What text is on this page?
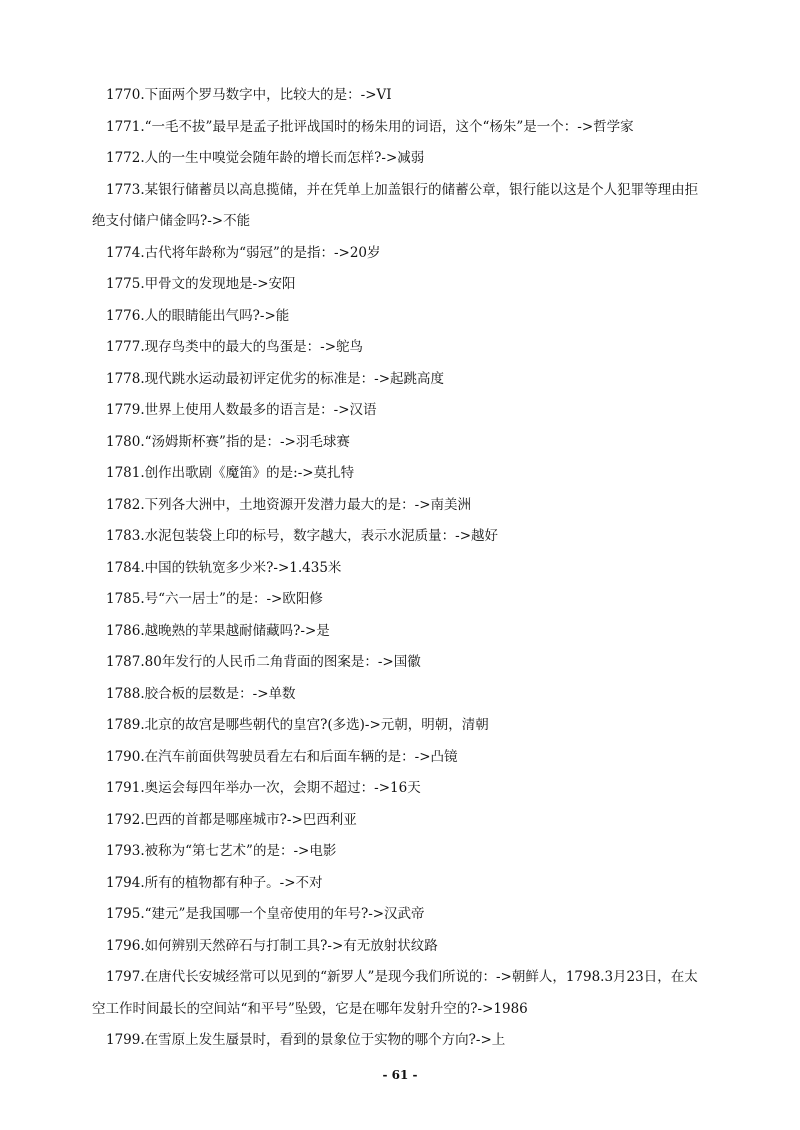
1770.下面两个罗马数字中，比较大的是：->VI

1771.“一毛不拔”最早是孟子批评战国时的杨朱用的词语，这个“杨朱”是一个：->哲学家

1772.人的一生中嗅觉会随年龄的增长而怎样?->减弱

1773.某银行储蓄员以高息揽储，并在凭单上加盖银行的储蓄公章，银行能以这是个人犯罪等理由拒绝支付储户储金吗?->不能

1774.古代将年龄称为“弱冠”的是指：->20岁

1775.甲骨文的发现地是->安阳

1776.人的眼睛能出气吗?->能

1777.现存鸟类中的最大的鸟蛋是：->鸵鸟

1778.现代跳水运动最初评定优劣的标准是：->起跳高度

1779.世界上使用人数最多的语言是：->汉语

1780.“汤姆斯杯赛”指的是：->羽毛球赛

1781.创作出歌剧《魔笛》的是:->莫扎特

1782.下列各大洲中，土地资源开发潜力最大的是：->南美洲

1783.水泥包装袋上印的标号，数字越大，表示水泥质量：->越好

1784.中国的铁轨宽多少米?->1.435米

1785.号“六一居士”的是：->欧阳修

1786.越晚熟的苹果越耐储藏吗?->是

1787.80年发行的人民币二角背面的图案是：->国徽

1788.胶合板的层数是：->单数

1789.北京的故宫是哪些朝代的皇宫?(多选)->元朝，明朝，清朝

1790.在汽车前面供驾驶员看左右和后面车辆的是：->凸镜

1791.奥运会每四年举办一次，会期不超过：->16天

1792.巴西的首都是哪座城市?->巴西利亚

1793.被称为“第七艺术”的是：->电影

1794.所有的植物都有种子。->不对

1795.“建元”是我国哪一个皇帝使用的年号?->汉武帝

1796.如何辨别天然碎石与打制工具?->有无放射状纹路

1797.在唐代长安城经常可以见到的“新罗人”是现今我们所说的：->朝鲜人，1798.3月23日，在太空工作时间最长的空间站“和平号”坠毁，它是在哪年发射升空的?->1986

1799.在雪原上发生蜃景时，看到的景象位于实物的哪个方向?->上

- 61 -
